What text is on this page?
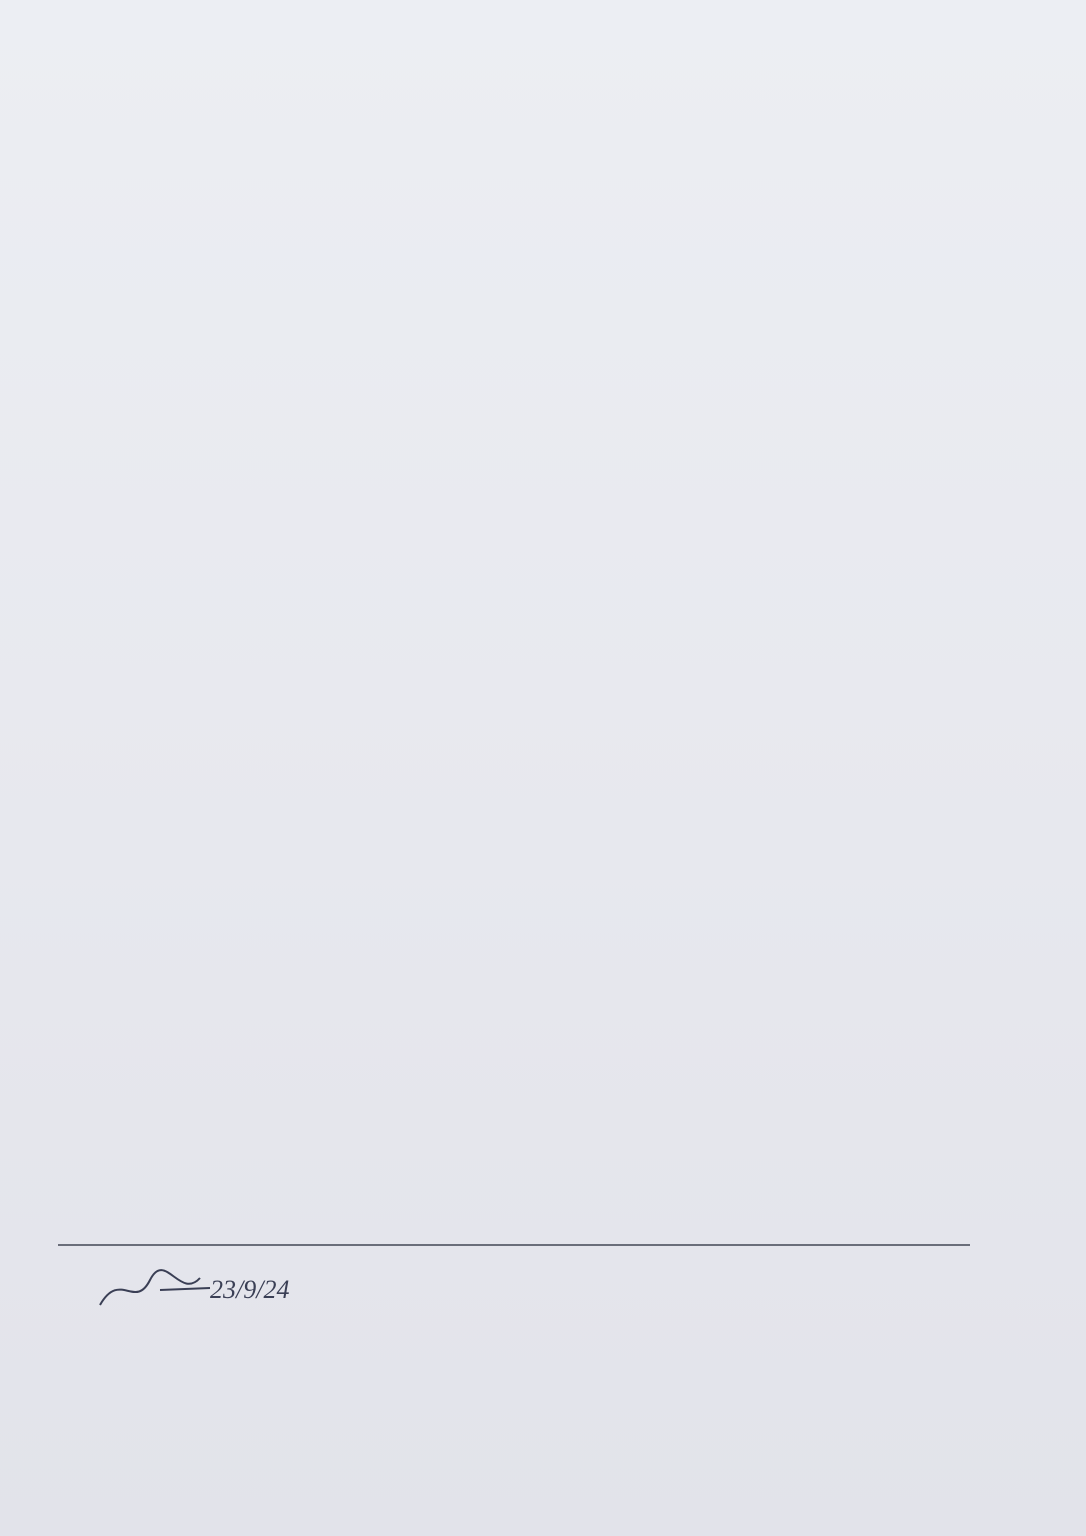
23/9/24
